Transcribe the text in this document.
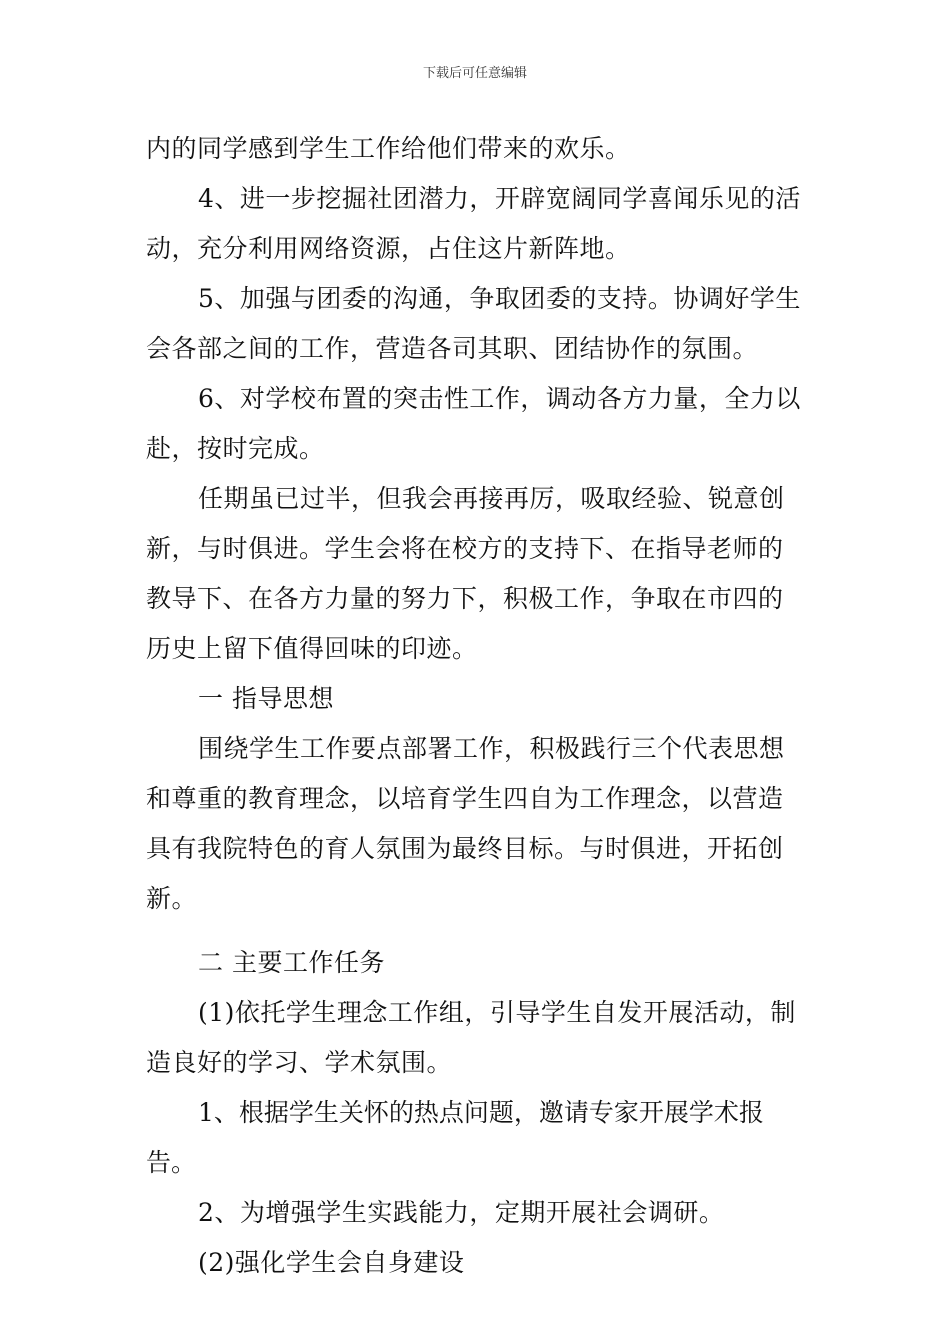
下载后可任意编辑

内的同学感到学生工作给他们带来的欢乐。

4、进一步挖掘社团潜力，开辟宽阔同学喜闻乐见的活动，充分利用网络资源，占住这片新阵地。

5、加强与团委的沟通，争取团委的支持。协调好学生会各部之间的工作，营造各司其职、团结协作的氛围。

6、对学校布置的突击性工作，调动各方力量，全力以赴，按时完成。

任期虽已过半，但我会再接再厉，吸取经验、锐意创新，与时俱进。学生会将在校方的支持下、在指导老师的教导下、在各方力量的努力下，积极工作，争取在市四的历史上留下值得回味的印迹。

一 指导思想

围绕学生工作要点部署工作，积极践行三个代表思想和尊重的教育理念，以培育学生四自为工作理念，以营造具有我院特色的育人氛围为最终目标。与时俱进，开拓创新。

二 主要工作任务

(1)依托学生理念工作组，引导学生自发开展活动，制造良好的学习、学术氛围。

1、根据学生关怀的热点问题，邀请专家开展学术报告。

2、为增强学生实践能力，定期开展社会调研。

(2)强化学生会自身建设
